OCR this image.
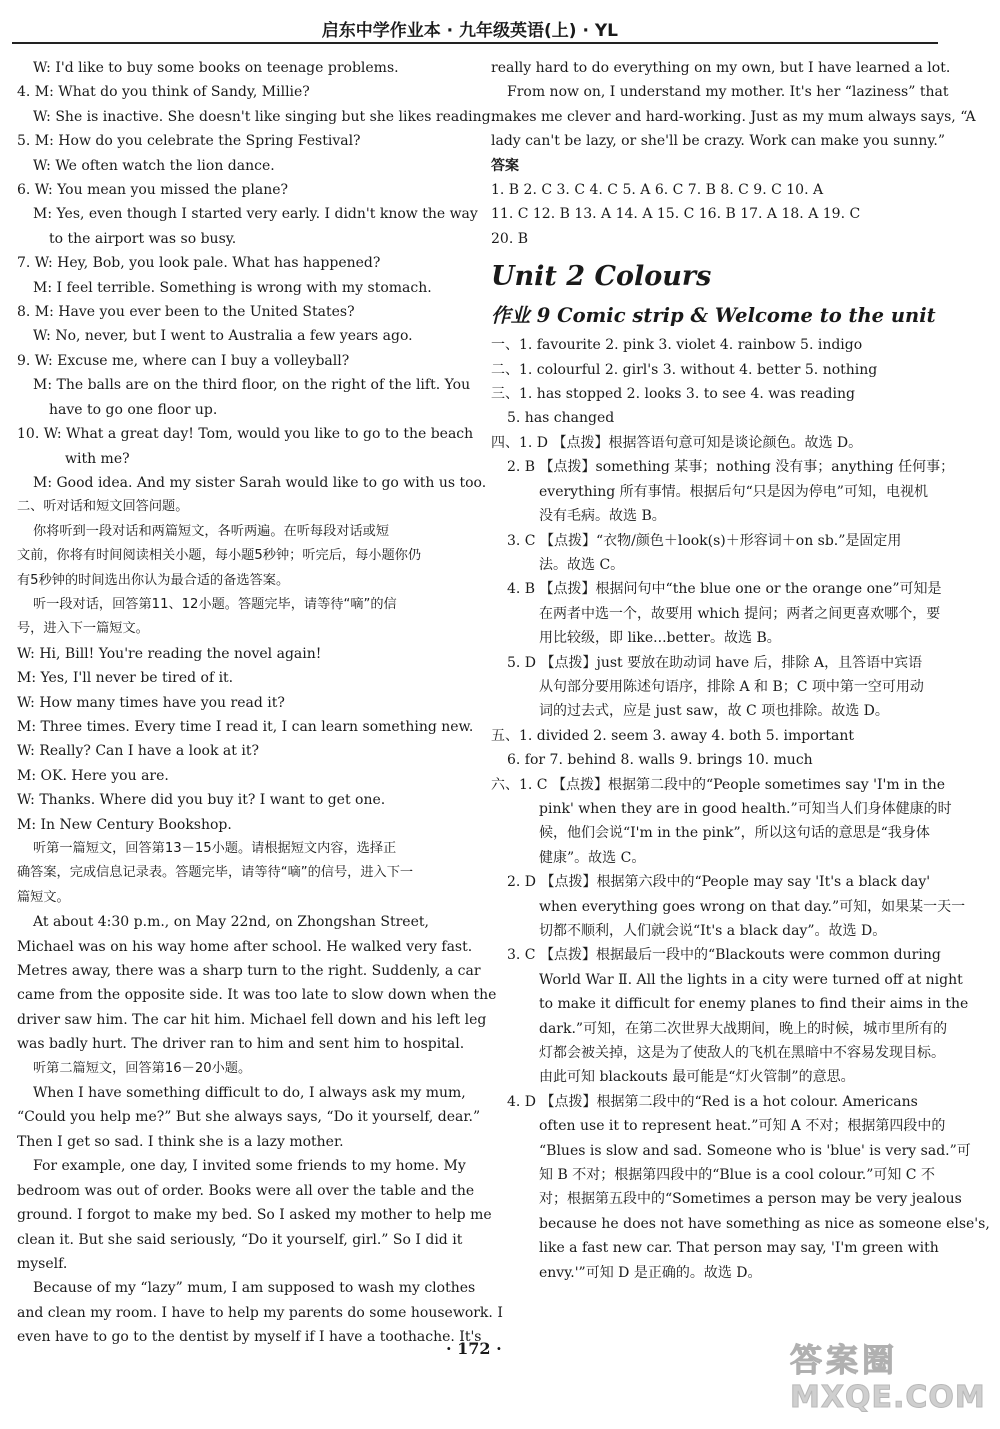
启东中学作业本 · 九年级英语(上) · YL
W: I'd like to buy some books on teenage problems.
4. M: What do you think of Sandy, Millie?
W: She is inactive. She doesn't like singing but she likes reading.
5. M: How do you celebrate the Spring Festival?
W: We often watch the lion dance.
6. W: You mean you missed the plane?
M: Yes, even though I started very early. I didn't know the way
to the airport was so busy.
7. W: Hey, Bob, you look pale. What has happened?
M: I feel terrible. Something is wrong with my stomach.
8. M: Have you ever been to the United States?
W: No, never, but I went to Australia a few years ago.
9. W: Excuse me, where can I buy a volleyball?
M: The balls are on the third floor, on the right of the lift. You
have to go one floor up.
10. W: What a great day! Tom, would you like to go to the beach
with me?
M: Good idea. And my sister Sarah would like to go with us too.
二、听对话和短文回答问题。
你将听到一段对话和两篇短文，各听两遍。在听每段对话或短
文前，你将有时间阅读相关小题，每小题5秒钟；听完后，每小题你仍
有5秒钟的时间选出你认为最合适的备选答案。
听一段对话，回答第11、12小题。答题完毕，请等待“嘀”的信
号，进入下一篇短文。
W: Hi, Bill! You're reading the novel again!
M: Yes, I'll never be tired of it.
W: How many times have you read it?
M: Three times. Every time I read it, I can learn something new.
W: Really? Can I have a look at it?
M: OK. Here you are.
W: Thanks. Where did you buy it? I want to get one.
M: In New Century Bookshop.
听第一篇短文，回答第13－15小题。请根据短文内容，选择正
确答案，完成信息记录表。答题完毕，请等待“嘀”的信号，进入下一
篇短文。
At about 4:30 p.m., on May 22nd, on Zhongshan Street,
Michael was on his way home after school. He walked very fast.
Metres away, there was a sharp turn to the right. Suddenly, a car
came from the opposite side. It was too late to slow down when the
driver saw him. The car hit him. Michael fell down and his left leg
was badly hurt. The driver ran to him and sent him to hospital.
听第二篇短文，回答第16－20小题。
When I have something difficult to do, I always ask my mum,
“Could you help me?” But she always says, “Do it yourself, dear.”
Then I get so sad. I think she is a lazy mother.
For example, one day, I invited some friends to my home. My
bedroom was out of order. Books were all over the table and the
ground. I forgot to make my bed. So I asked my mother to help me
clean it. But she said seriously, “Do it yourself, girl.” So I did it
myself.
Because of my “lazy” mum, I am supposed to wash my clothes
and clean my room. I have to help my parents do some housework. I
even have to go to the dentist by myself if I have a toothache. It's
really hard to do everything on my own, but I have learned a lot.
From now on, I understand my mother. It's her “laziness” that
makes me clever and hard-working. Just as my mum always says, “A
lady can't be lazy, or she'll be crazy. Work can make you sunny.”
答案
1. B 2. C 3. C 4. C 5. A 6. C 7. B 8. C 9. C 10. A
11. C 12. B 13. A 14. A 15. C 16. B 17. A 18. A 19. C
20. B
Unit 2 Colours
作业 9 Comic strip & Welcome to the unit
一、1. favourite 2. pink 3. violet 4. rainbow 5. indigo
二、1. colourful 2. girl's 3. without 4. better 5. nothing
三、1. has stopped 2. looks 3. to see 4. was reading
5. has changed
四、1. D 【点拨】根据答语句意可知是谈论颜色。故选 D。
2. B 【点拨】something 某事；nothing 没有事；anything 任何事；
everything 所有事情。根据后句“只是因为停电”可知，电视机
没有毛病。故选 B。
3. C 【点拨】“衣物/颜色＋look(s)＋形容词＋on sb.”是固定用
法。故选 C。
4. B 【点拨】根据问句中“the blue one or the orange one”可知是
在两者中选一个，故要用 which 提问；两者之间更喜欢哪个，要
用比较级，即 like...better。故选 B。
5. D 【点拨】just 要放在助动词 have 后，排除 A，且答语中宾语
从句部分要用陈述句语序，排除 A 和 B；C 项中第一空可用动
词的过去式，应是 just saw，故 C 项也排除。故选 D。
五、1. divided 2. seem 3. away 4. both 5. important
6. for 7. behind 8. walls 9. brings 10. much
六、1. C 【点拨】根据第二段中的“People sometimes say 'I'm in the
pink' when they are in good health.”可知当人们身体健康的时
候，他们会说“I'm in the pink”，所以这句话的意思是“我身体
健康”。故选 C。
2. D 【点拨】根据第六段中的“People may say 'It's a black day'
when everything goes wrong on that day.”可知，如果某一天一
切都不顺利，人们就会说“It's a black day”。故选 D。
3. C 【点拨】根据最后一段中的“Blackouts were common during
World War Ⅱ. All the lights in a city were turned off at night
to make it difficult for enemy planes to find their aims in the
dark.”可知，在第二次世界大战期间，晚上的时候，城市里所有的
灯都会被关掉，这是为了使敌人的飞机在黑暗中不容易发现目标。
由此可知 blackouts 最可能是“灯火管制”的意思。
4. D 【点拨】根据第二段中的“Red is a hot colour. Americans
often use it to represent heat.”可知 A 不对；根据第四段中的
“Blues is slow and sad. Someone who is 'blue' is very sad.”可
知 B 不对；根据第四段中的“Blue is a cool colour.”可知 C 不
对；根据第五段中的“Sometimes a person may be very jealous
because he does not have something as nice as someone else's,
like a fast new car. That person may say, 'I'm green with
envy.'”可知 D 是正确的。故选 D。
· 172 ·	答案圈
MXQE.COM
